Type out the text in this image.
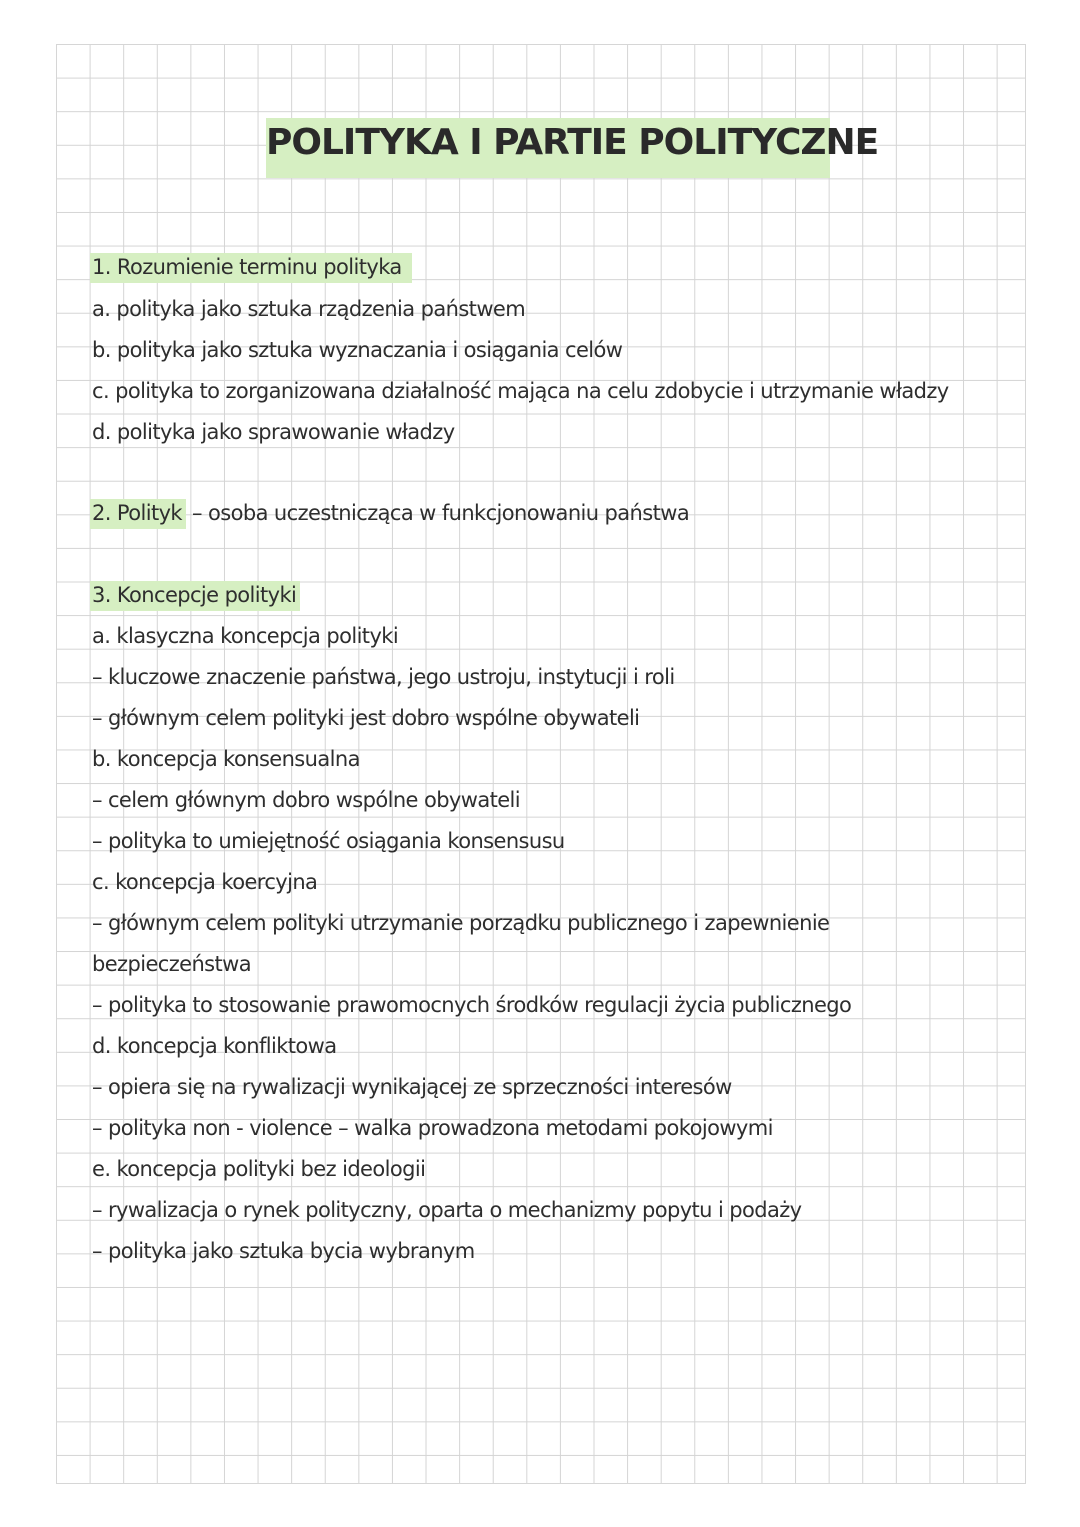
POLITYKA I PARTIE POLITYCZNE
1. Rozumienie terminu polityka
a. polityka jako sztuka rządzenia państwem
b. polityka jako sztuka wyznaczania i osiągania celów
c. polityka to zorganizowana działalność mająca na celu zdobycie i utrzymanie władzy
d. polityka jako sprawowanie władzy
2. Polityk – osoba uczestnicząca w funkcjonowaniu państwa
3. Koncepcje polityki
a. klasyczna koncepcja polityki
– kluczowe znaczenie państwa, jego ustroju, instytucji i roli
– głównym celem polityki jest dobro wspólne obywateli
b. koncepcja konsensualna
– celem głównym dobro wspólne obywateli
– polityka to umiejętność osiągania konsensusu
c. koncepcja koercyjna
– głównym celem polityki utrzymanie porządku publicznego i zapewnienie
bezpieczeństwa
– polityka to stosowanie prawomocnych środków regulacji życia publicznego
d. koncepcja konfliktowa
– opiera się na rywalizacji wynikającej ze sprzeczności interesów
– polityka non - violence – walka prowadzona metodami pokojowymi
e. koncepcja polityki bez ideologii
– rywalizacja o rynek polityczny, oparta o mechanizmy popytu i podaży
– polityka jako sztuka bycia wybranym
